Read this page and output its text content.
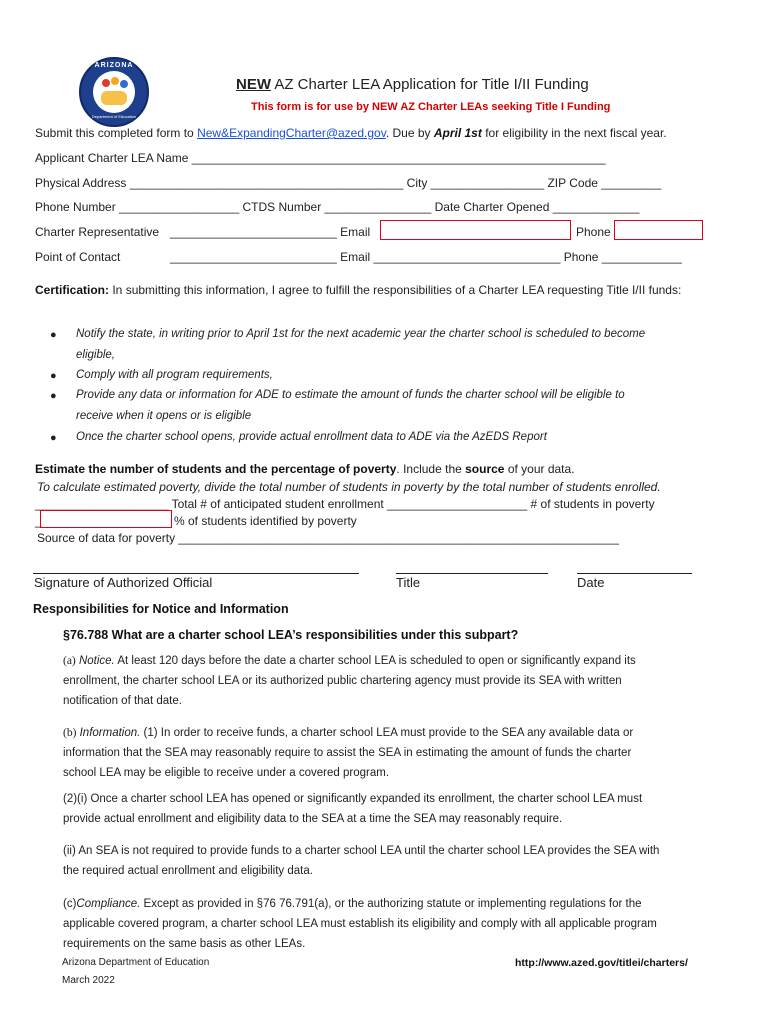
ARIZONA
Department of Education
NEW AZ Charter LEA Application for Title I/II Funding
This form is for use by NEW AZ Charter LEAs seeking Title I Funding
Submit this completed form to New&ExpandingCharter@azed.gov. Due by April 1st for eligibility in the next fiscal year.
Applicant Charter LEA Name ______________________________________________________________
Physical Address _________________________________________ City _________________ ZIP Code _________
Phone Number __________________ CTDS Number ________________ Date Charter Opened _____________
Charter Representative _________________________ Email	Phone
Point of Contact	_________________________ Email ____________________________ Phone ____________
Certification: In submitting this information, I agree to fulfill the responsibilities of a Charter LEA requesting Title I/II funds:
● Notify the state, in writing prior to April 1st for the next academic year the charter school is scheduled to become
eligible,
● Comply with all program requirements,
● Provide any data or information for ADE to estimate the amount of funds the charter school will be eligible to
receive when it opens or is eligible
● Once the charter school opens, provide actual enrollment data to ADE via the AzEDS Report
Estimate the number of students and the percentage of poverty. Include the source of your data.
To calculate estimated poverty, divide the total number of students in poverty by the total number of students enrolled.
____________________ Total # of anticipated student enrollment _____________________ # of students in poverty
_	% of students identified by poverty
Source of data for poverty __________________________________________________________________
Signature of Authorized Official	Title	Date
Responsibilities for Notice and Information
§76.788 What are a charter school LEA’s responsibilities under this subpart?
(a) Notice. At least 120 days before the date a charter school LEA is scheduled to open or significantly expand its
enrollment, the charter school LEA or its authorized public chartering agency must provide its SEA with written
notification of that date.
(b) Information. (1) In order to receive funds, a charter school LEA must provide to the SEA any available data or
information that the SEA may reasonably require to assist the SEA in estimating the amount of funds the charter
school LEA may be eligible to receive under a covered program.
(2)(i) Once a charter school LEA has opened or significantly expanded its enrollment, the charter school LEA must
provide actual enrollment and eligibility data to the SEA at a time the SEA may reasonably require.
(ii) An SEA is not required to provide funds to a charter school LEA until the charter school LEA provides the SEA with
the required actual enrollment and eligibility data.
(c)Compliance. Except as provided in §76 76.791(a), or the authorizing statute or implementing regulations for the
applicable covered program, a charter school LEA must establish its eligibility and comply with all applicable program
requirements on the same basis as other LEAs.
Arizona Department of Education
March 2022
http://www.azed.gov/titlei/charters/
